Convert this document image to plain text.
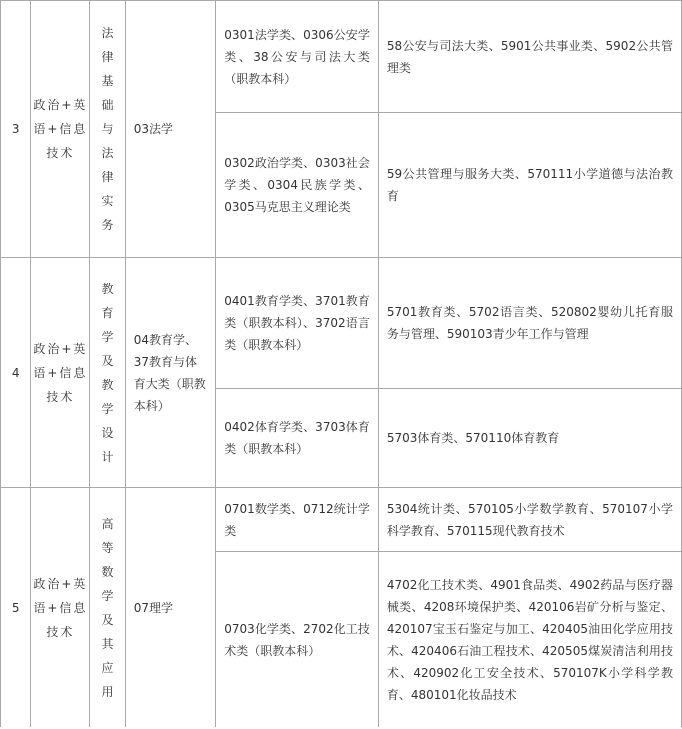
3	政治+英语+信息技术	法律基础与法律实务	03法学	0301法学类、0306公安学类、38公安与司法大类（职教本科）	58公安与司法大类、5901公共事业类、5902公共管理类
				0302政治学类、0303社会学类、0304民族学类、0305马克思主义理论类	59公共管理与服务大类、570111小学道德与法治教育
4	政治+英语+信息技术	教育学及教学设计	04教育学、37教育与体育大类（职教本科）	0401教育学类、3701教育类（职教本科）、3702语言类（职教本科）	5701教育类、5702语言类、520802婴幼儿托育服务与管理、590103青少年工作与管理
				0402体育学类、3703体育类（职教本科）	5703体育类、570110体育教育
5	政治+英语+信息技术	高等数学及其应用	07理学	0701数学类、0712统计学类	5304统计类、570105小学数学教育、570107小学科学教育、570115现代教育技术
				0703化学类、2702化工技术类（职教本科）	4702化工技术类、4901食品类、4902药品与医疗器械类、4208环境保护类、420106岩矿分析与鉴定、420107宝玉石鉴定与加工、420405油田化学应用技术、420406石油工程技术、420505煤炭清洁利用技术、420902化工安全技术、570107K小学科学教育、480101化妆品技术
